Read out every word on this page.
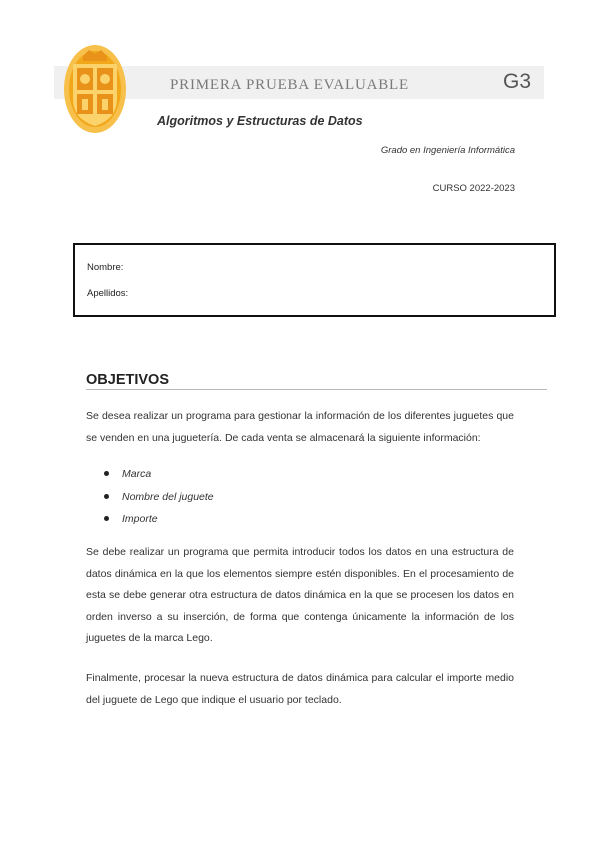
PRIMERA PRUEBA EVALUABLE	G3
Algoritmos y Estructuras de Datos
Grado en Ingeniería Informática
CURSO 2022-2023
Nombre:
Apellidos:
OBJETIVOS

Se desea realizar un programa para gestionar la información de los diferentes juguetes que se venden en una juguetería. De cada venta se almacenará la siguiente información:

Marca
Nombre del juguete
Importe

Se debe realizar un programa que permita introducir todos los datos en una estructura de datos dinámica en la que los elementos siempre estén disponibles. En el procesamiento de esta se debe generar otra estructura de datos dinámica en la que se procesen los datos en orden inverso a su inserción, de forma que contenga únicamente la información de los juguetes de la marca Lego.

Finalmente, procesar la nueva estructura de datos dinámica para calcular el importe medio del juguete de Lego que indique el usuario por teclado.
